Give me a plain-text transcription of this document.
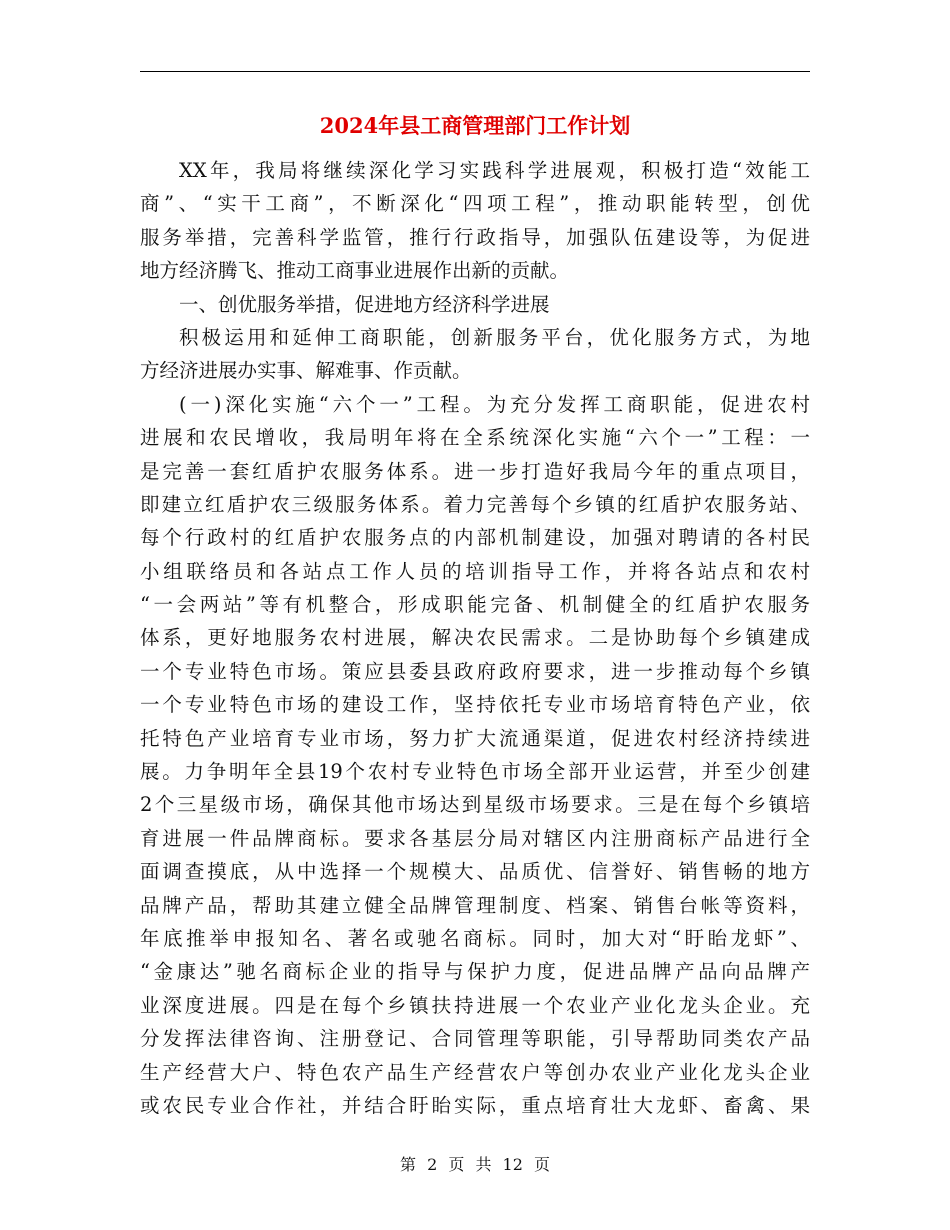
2024年县工商管理部门工作计划
XX年，我局将继续深化学习实践科学进展观，积极打造“效能工
商”、“实干工商”，不断深化“四项工程”，推动职能转型，创优
服务举措，完善科学监管，推行行政指导，加强队伍建设等，为促进
地方经济腾飞、推动工商事业进展作出新的贡献。
一、创优服务举措，促进地方经济科学进展
积极运用和延伸工商职能，创新服务平台，优化服务方式，为地
方经济进展办实事、解难事、作贡献。
(一)深化实施“六个一”工程。为充分发挥工商职能，促进农村
进展和农民增收，我局明年将在全系统深化实施“六个一”工程：一
是完善一套红盾护农服务体系。进一步打造好我局今年的重点项目，
即建立红盾护农三级服务体系。着力完善每个乡镇的红盾护农服务站、
每个行政村的红盾护农服务点的内部机制建设，加强对聘请的各村民
小组联络员和各站点工作人员的培训指导工作，并将各站点和农村
“一会两站”等有机整合，形成职能完备、机制健全的红盾护农服务
体系，更好地服务农村进展，解决农民需求。二是协助每个乡镇建成
一个专业特色市场。策应县委县政府政府要求，进一步推动每个乡镇
一个专业特色市场的建设工作，坚持依托专业市场培育特色产业，依
托特色产业培育专业市场，努力扩大流通渠道，促进农村经济持续进
展。力争明年全县19个农村专业特色市场全部开业运营，并至少创建
2个三星级市场，确保其他市场达到星级市场要求。三是在每个乡镇培
育进展一件品牌商标。要求各基层分局对辖区内注册商标产品进行全
面调查摸底，从中选择一个规模大、品质优、信誉好、销售畅的地方
品牌产品，帮助其建立健全品牌管理制度、档案、销售台帐等资料，
年底推举申报知名、著名或驰名商标。同时，加大对“盱眙龙虾”、
“金康达”驰名商标企业的指导与保护力度，促进品牌产品向品牌产
业深度进展。四是在每个乡镇扶持进展一个农业产业化龙头企业。充
分发挥法律咨询、注册登记、合同管理等职能，引导帮助同类农产品
生产经营大户、特色农产品生产经营农户等创办农业产业化龙头企业
或农民专业合作社，并结合盱眙实际，重点培育壮大龙虾、畜禽、果
第 2 页 共 12 页
